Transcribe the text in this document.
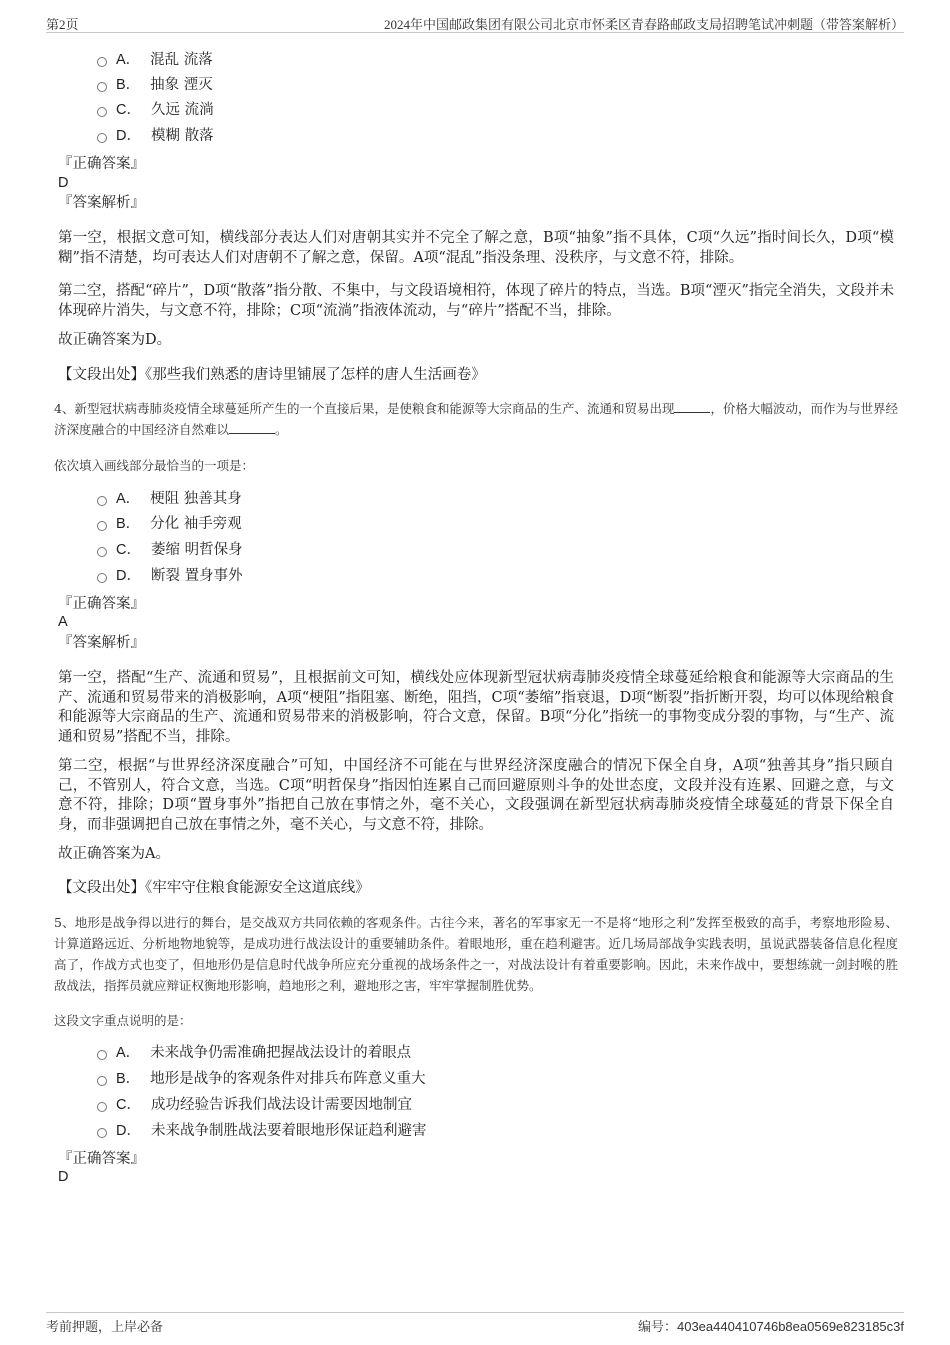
第2页	2024年中国邮政集团有限公司北京市怀柔区青春路邮政支局招聘笔试冲刺题（带答案解析）
A． 混乱 流落
B． 抽象 湮灭
C． 久远 流淌
D． 模糊 散落
『正确答案』
D
『答案解析』
第一空，根据文意可知，横线部分表达人们对唐朝其实并不完全了解之意，B项“抽象”指不具体，C项“久远”指时间长久，D项“模糊”指不清楚，均可表达人们对唐朝不了解之意，保留。A项“混乱”指没条理、没秩序，与文意不符，排除。
第二空，搭配“碎片”，D项“散落”指分散、不集中，与文段语境相符，体现了碎片的特点，当选。B项“湮灭”指完全消失，文段并未体现碎片消失，与文意不符，排除；C项“流淌”指液体流动，与“碎片”搭配不当，排除。
故正确答案为D。
【文段出处】《那些我们熟悉的唐诗里铺展了怎样的唐人生活画卷》
4、新型冠状病毒肺炎疫情全球蔓延所产生的一个直接后果，是使粮食和能源等大宗商品的生产、流通和贸易出现	，价格大幅波动，而作为与世界经济深度融合的中国经济自然难以	。
依次填入画线部分最恰当的一项是：
A． 梗阻 独善其身
B． 分化 袖手旁观
C． 萎缩 明哲保身
D． 断裂 置身事外
『正确答案』
A
『答案解析』
第一空，搭配“生产、流通和贸易”，且根据前文可知，横线处应体现新型冠状病毒肺炎疫情全球蔓延给粮食和能源等大宗商品的生产、流通和贸易带来的消极影响，A项“梗阻”指阻塞、断绝，阻挡，C项“萎缩”指衰退，D项“断裂”指折断开裂，均可以体现给粮食和能源等大宗商品的生产、流通和贸易带来的消极影响，符合文意，保留。B项“分化”指统一的事物变成分裂的事物，与“生产、流通和贸易”搭配不当，排除。
第二空，根据“与世界经济深度融合”可知，中国经济不可能在与世界经济深度融合的情况下保全自身，A项“独善其身”指只顾自己，不管别人，符合文意，当选。C项“明哲保身”指因怕连累自己而回避原则斗争的处世态度，文段并没有连累、回避之意，与文意不符，排除；D项“置身事外”指把自己放在事情之外，毫不关心，文段强调在新型冠状病毒肺炎疫情全球蔓延的背景下保全自身，而非强调把自己放在事情之外，毫不关心，与文意不符，排除。
故正确答案为A。
【文段出处】《牢牢守住粮食能源安全这道底线》
5、地形是战争得以进行的舞台，是交战双方共同依赖的客观条件。古往今来，著名的军事家无一不是将“地形之利”发挥至极致的高手，考察地形险易、计算道路远近、分析地物地貌等，是成功进行战法设计的重要辅助条件。着眼地形，重在趋利避害。近几场局部战争实践表明，虽说武器装备信息化程度高了，作战方式也变了，但地形仍是信息时代战争所应充分重视的战场条件之一，对战法设计有着重要影响。因此，未来作战中，要想练就一剑封喉的胜敌战法，指挥员就应辩证权衡地形影响，趋地形之利，避地形之害，牢牢掌握制胜优势。
这段文字重点说明的是：
A． 未来战争仍需准确把握战法设计的着眼点
B． 地形是战争的客观条件对排兵布阵意义重大
C． 成功经验告诉我们战法设计需要因地制宜
D． 未来战争制胜战法要着眼地形保证趋利避害
『正确答案』
D
考前押题，上岸必备	编号：403ea440410746b8ea0569e823185c3f
